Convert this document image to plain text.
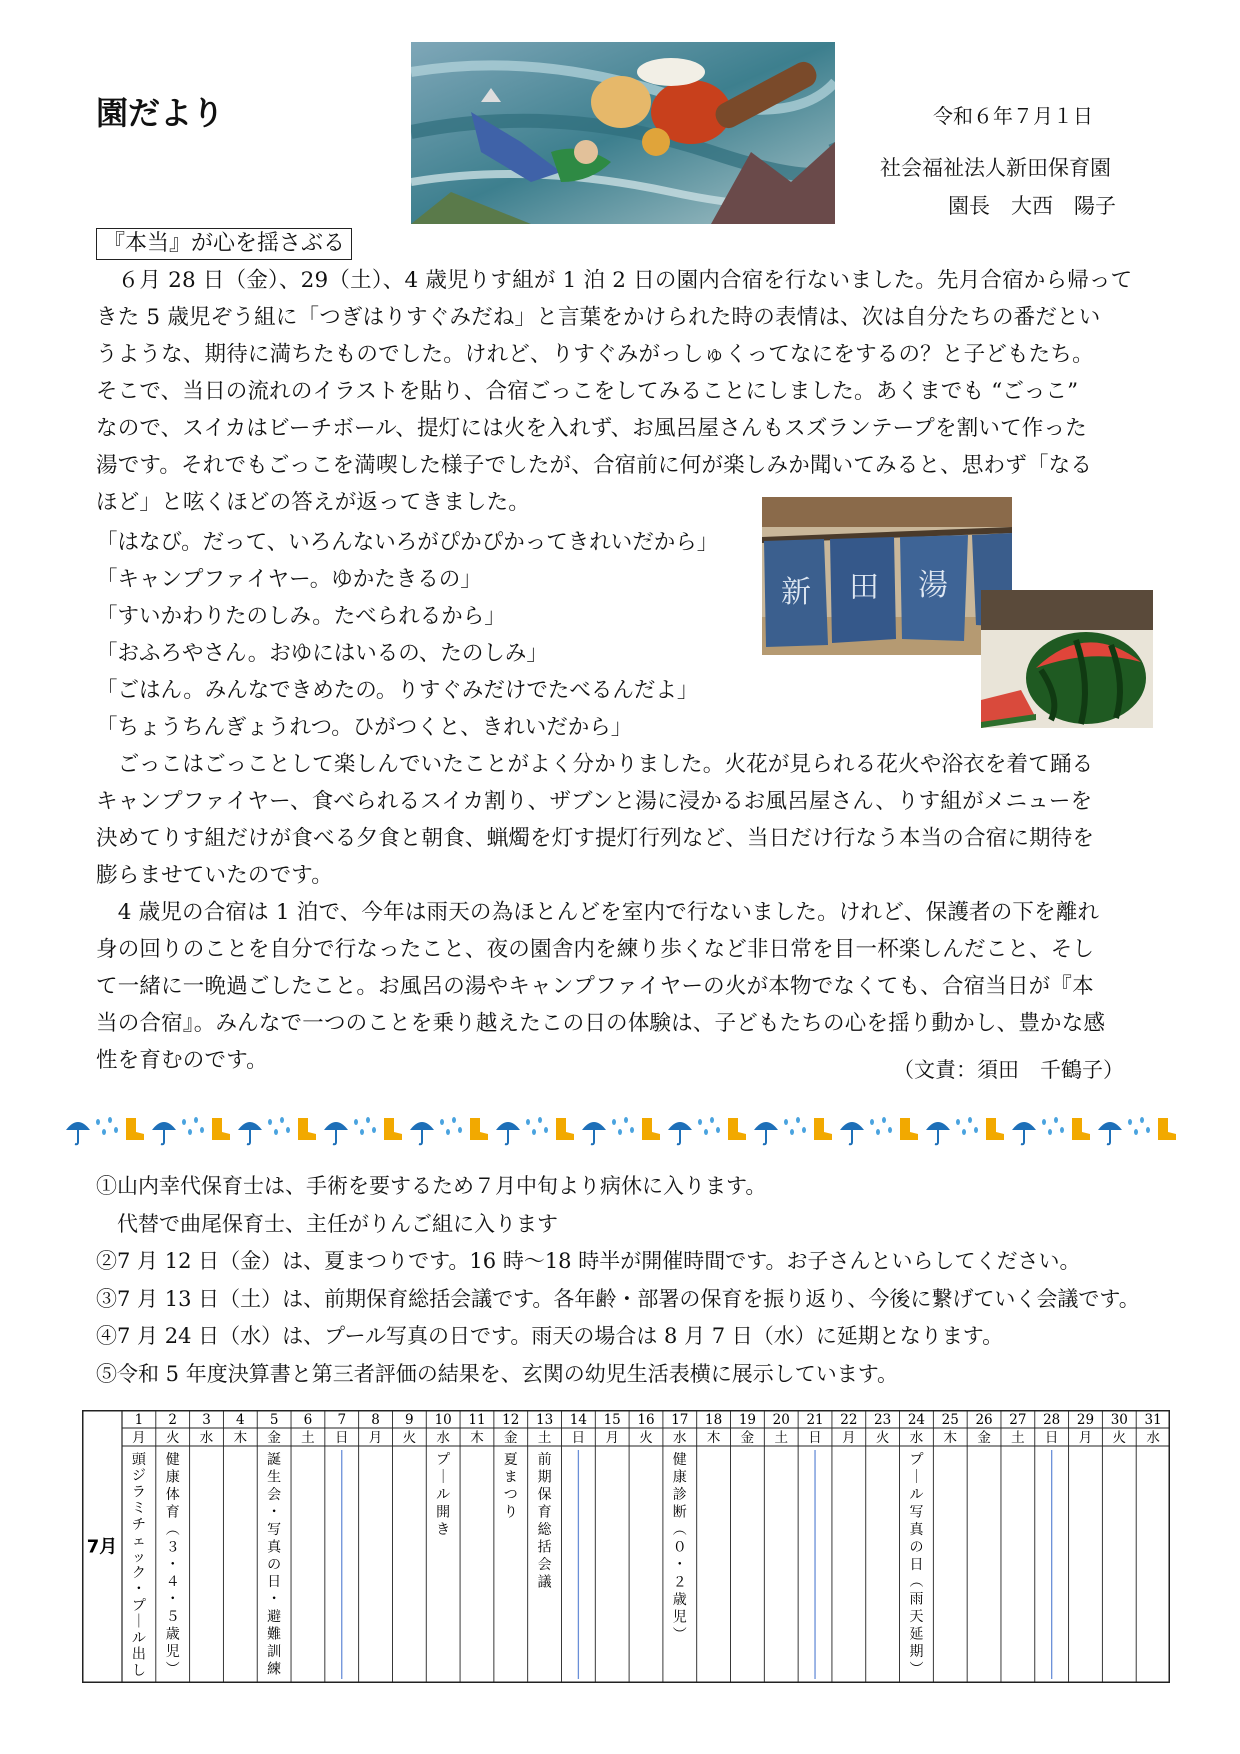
園だより	令和６年７月１日
社会福祉法人新田保育園
園長　大西　陽子
『本当』が心を揺さぶる
　６月 28 日（金）、29（土）、4 歳児りす組が 1 泊 2 日の園内合宿を行ないました。先月合宿から帰って
きた 5 歳児ぞう組に「つぎはりすぐみだね」と言葉をかけられた時の表情は、次は自分たちの番だとい
うような、期待に満ちたものでした。けれど、りすぐみがっしゅくってなにをするの？と子どもたち。
そこで、当日の流れのイラストを貼り、合宿ごっこをしてみることにしました。あくまでも “ごっこ”
なので、スイカはビーチボール、提灯には火を入れず、お風呂屋さんもスズランテープを割いて作った
湯です。それでもごっこを満喫した様子でしたが、合宿前に何が楽しみか聞いてみると、思わず「なる
ほど」と呟くほどの答えが返ってきました。
「はなび。だって、いろんないろがぴかぴかってきれいだから」
「キャンプファイヤー。ゆかたきるの」
「すいかわりたのしみ。たべられるから」
「おふろやさん。おゆにはいるの、たのしみ」
「ごはん。みんなできめたの。りすぐみだけでたべるんだよ」
「ちょうちんぎょうれつ。ひがつくと、きれいだから」
新 田 湯
　ごっこはごっことして楽しんでいたことがよく分かりました。火花が見られる花火や浴衣を着て踊る
キャンプファイヤー、食べられるスイカ割り、ザブンと湯に浸かるお風呂屋さん、りす組がメニューを
決めてりす組だけが食べる夕食と朝食、蝋燭を灯す提灯行列など、当日だけ行なう本当の合宿に期待を
膨らませていたのです。
　4 歳児の合宿は 1 泊で、今年は雨天の為ほとんどを室内で行ないました。けれど、保護者の下を離れ
身の回りのことを自分で行なったこと、夜の園舎内を練り歩くなど非日常を目一杯楽しんだこと、そし
て一緒に一晩過ごしたこと。お風呂の湯やキャンプファイヤーの火が本物でなくても、合宿当日が『本
当の合宿』。みんなで一つのことを乗り越えたこの日の体験は、子どもたちの心を揺り動かし、豊かな感
性を育むのです。	（文責：須田　千鶴子）
①山内幸代保育士は、手術を要するため７月中旬より病休に入ります。
　代替で曲尾保育士、主任がりんご組に入ります
②7 月 12 日（金）は、夏まつりです。16 時～18 時半が開催時間です。お子さんといらしてください。
③7 月 13 日（土）は、前期保育総括会議です。各年齢・部署の保育を振り返り、今後に繋げていく会議です。
④7 月 24 日（水）は、プール写真の日です。雨天の場合は 8 月 7 日（水）に延期となります。
⑤令和 5 年度決算書と第三者評価の結果を、玄関の幼児生活表横に展示しています。
7月
1
月
頭ジラミチェック・プ｜ル出し
2
火
健康体育︵３・４・５歳児︶
3
水
4
木
5
金
誕生会・写真の日・避難訓練
6
土
7
日
8
月
9
火
10
水
プ｜ル開き
11
木
12
金
夏まつり
13
土
前期保育総括会議
14
日
15
月
16
火
17
水
健康診断︵０・２歳児︶
18
木
19
金
20
土
21
日
22
月
23
火
24
水
プ｜ル写真の日︵雨天延期︶
25
木
26
金
27
土
28
日
29
月
30
火
31
水
